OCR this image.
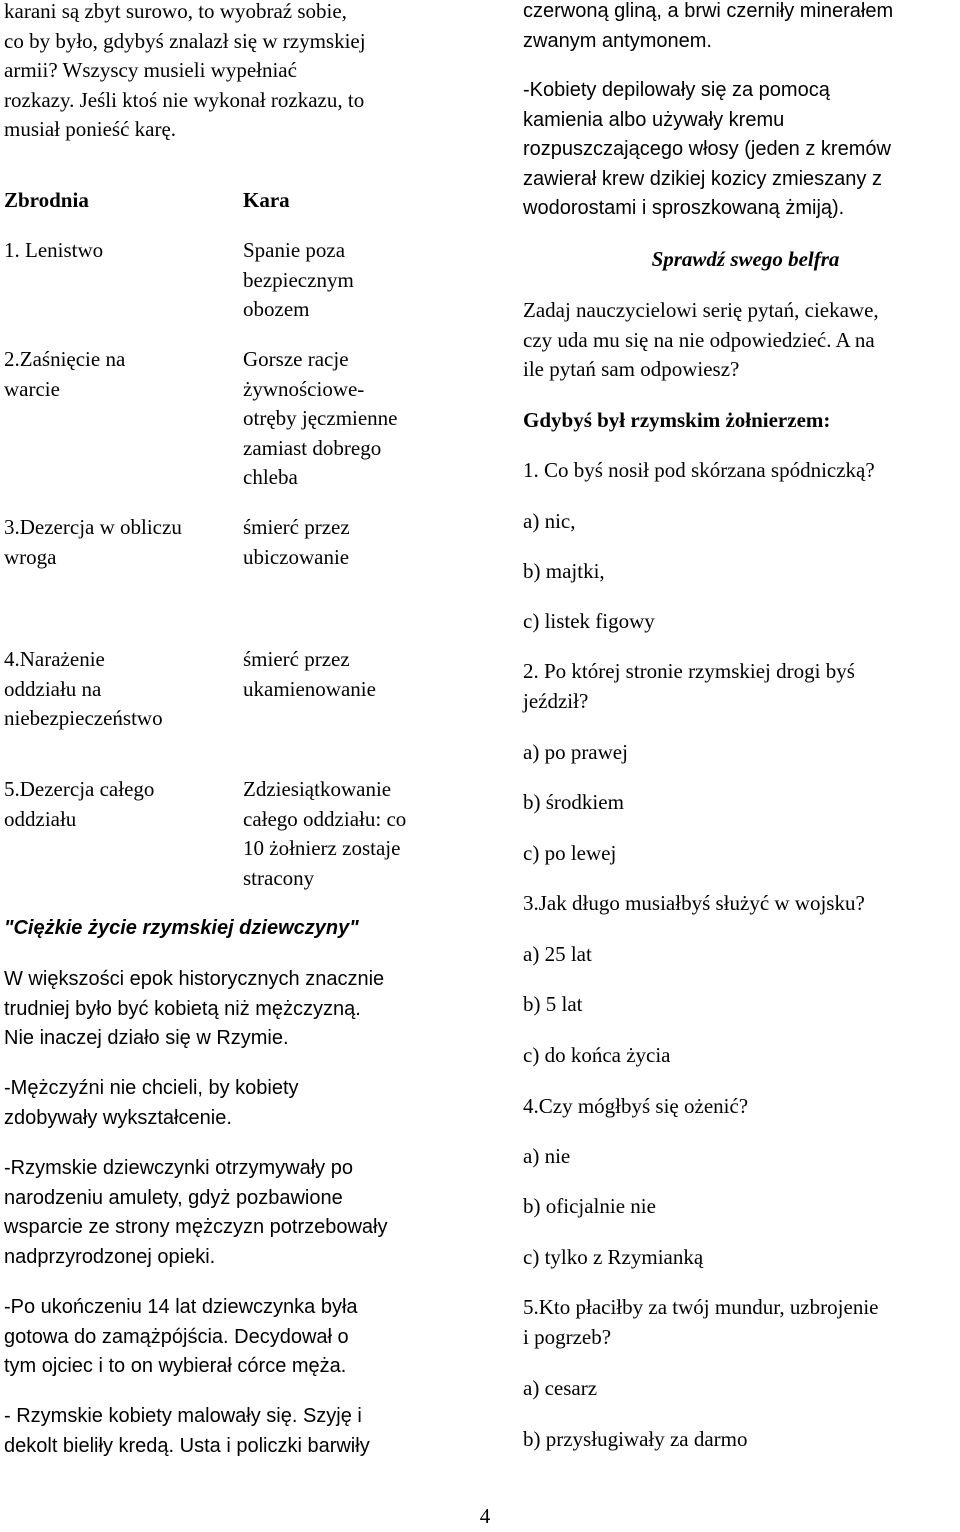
karani są zbyt surowo, to wyobraź sobie,

co by było, gdybyś znalazł się w rzymskiej

armii? Wszyscy musieli wypełniać

rozkazy. Jeśli ktoś nie wykonał rozkazu, to

musiał ponieść karę.

Zbrodnia	Kara

1. Lenistwo	Spanie poza

bezpiecznym

obozem

2.Zaśnięcie na

warcie

Gorsze racje

żywnościowe-

otręby jęczmienne

zamiast dobrego

chleba

3.Dezercja w obliczu

wroga

śmierć przez

ubiczowanie

4.Narażenie

oddziału na

niebezpieczeństwo

śmierć przez

ukamienowanie

5.Dezercja całego

oddziału

Zdziesiątkowanie

całego oddziału: co

10 żołnierz zostaje

stracony

"Ciężkie życie rzymskiej dziewczyny"

W większości epok historycznych znacznie

trudniej było być kobietą niż mężczyzną.

Nie inaczej działo się w Rzymie.

-Mężczyźni nie chcieli, by kobiety

zdobywały wykształcenie.

-Rzymskie dziewczynki otrzymywały po

narodzeniu amulety, gdyż pozbawione

wsparcie ze strony mężczyzn potrzebowały

nadprzyrodzonej opieki.

-Po ukończeniu 14 lat dziewczynka była

gotowa do zamążpójścia. Decydował o

tym ojciec i to on wybierał córce męża.

- Rzymskie kobiety malowały się. Szyję i

dekolt bieliły kredą. Usta i policzki barwiły

czerwoną gliną, a brwi czerniły minerałem

zwanym antymonem.

-Kobiety depilowały się za pomocą

kamienia albo używały kremu

rozpuszczającego włosy (jeden z kremów

zawierał krew dzikiej kozicy zmieszany z

wodorostami i sproszkowaną żmiją).

Sprawdź swego belfra

Zadaj nauczycielowi serię pytań, ciekawe,

czy uda mu się na nie odpowiedzieć. A na

ile pytań sam odpowiesz?

Gdybyś był rzymskim żołnierzem:

1. Co byś nosił pod skórzana spódniczką?

a) nic,

b) majtki,

c) listek figowy

2. Po której stronie rzymskiej drogi byś

jeździł?

a) po prawej

b) środkiem

c) po lewej

3.Jak długo musiałbyś służyć w wojsku?

a) 25 lat

b) 5 lat

c) do końca życia

4.Czy mógłbyś się ożenić?

a) nie

b) oficjalnie nie

c) tylko z Rzymianką

5.Kto płaciłby za twój mundur, uzbrojenie

i pogrzeb?

a) cesarz

b) przysługiwały za darmo

4
